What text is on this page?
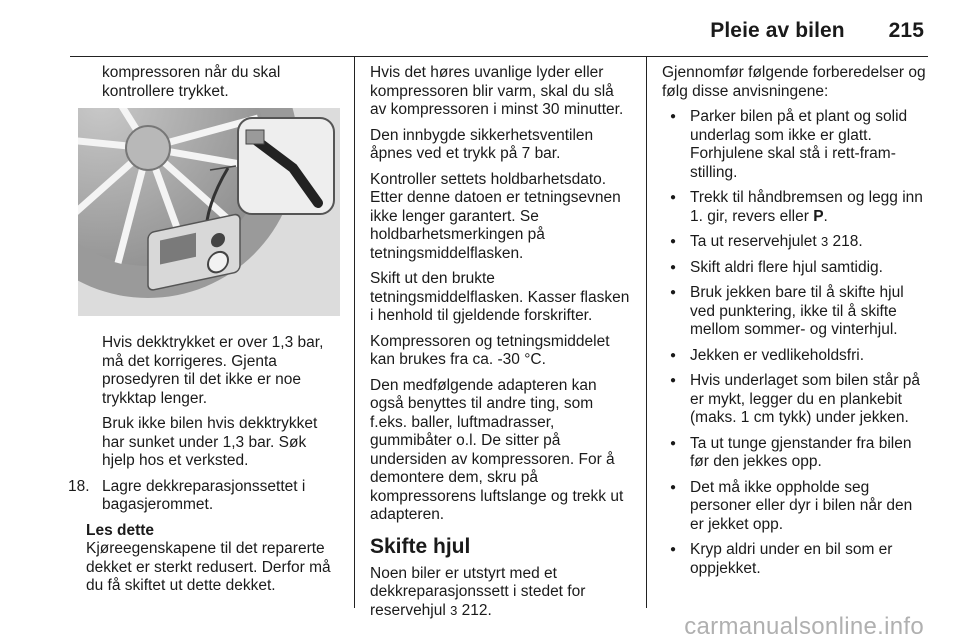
Pleie av bilen 215

kompressoren når du skal kontrollere trykket.

Hvis dekktrykket er over 1,3 bar, må det korrigeres. Gjenta prosedyren til det ikke er noe trykktap lenger.

Bruk ikke bilen hvis dekktrykket har sunket under 1,3 bar. Søk hjelp hos et verksted.

18. Lagre dekkreparasjonssettet i bagasjerommet.
Les dette
Kjøreegenskapene til det reparerte dekket er sterkt redusert. Derfor må du få skiftet ut dette dekket.

Hvis det høres uvanlige lyder eller kompressoren blir varm, skal du slå av kompressoren i minst 30 minutter.

Den innbygde sikkerhetsventilen åpnes ved et trykk på 7 bar.

Kontroller settets holdbarhetsdato. Etter denne datoen er tetningsevnen ikke lenger garantert. Se holdbarhetsmerkingen på tetningsmiddelflasken.

Skift ut den brukte tetningsmiddelflasken. Kasser flasken i henhold til gjeldende forskrifter.

Kompressoren og tetningsmiddelet kan brukes fra ca. -30 °C.

Den medfølgende adapteren kan også benyttes til andre ting, som f.eks. baller, luftmadrasser, gummibåter o.l. De sitter på undersiden av kompressoren. For å demontere dem, skru på kompressorens luftslange og trekk ut adapteren.

Skifte hjul

Noen biler er utstyrt med et dekkreparasjonssett i stedet for reservehjul 3 212.

Gjennomfør følgende forberedelser og følg disse anvisningene:

● Parker bilen på et plant og solid underlag som ikke er glatt. Forhjulene skal stå i rett-fram-stilling.
● Trekk til håndbremsen og legg inn 1. gir, revers eller P.
● Ta ut reservehjulet 3 218.
● Skift aldri flere hjul samtidig.
● Bruk jekken bare til å skifte hjul ved punktering, ikke til å skifte mellom sommer- og vinterhjul.
● Jekken er vedlikeholdsfri.
● Hvis underlaget som bilen står på er mykt, legger du en plankebit (maks. 1 cm tykk) under jekken.
● Ta ut tunge gjenstander fra bilen før den jekkes opp.
● Det må ikke oppholde seg personer eller dyr i bilen når den er jekket opp.
● Kryp aldri under en bil som er oppjekket.
carmanualsonline.info
